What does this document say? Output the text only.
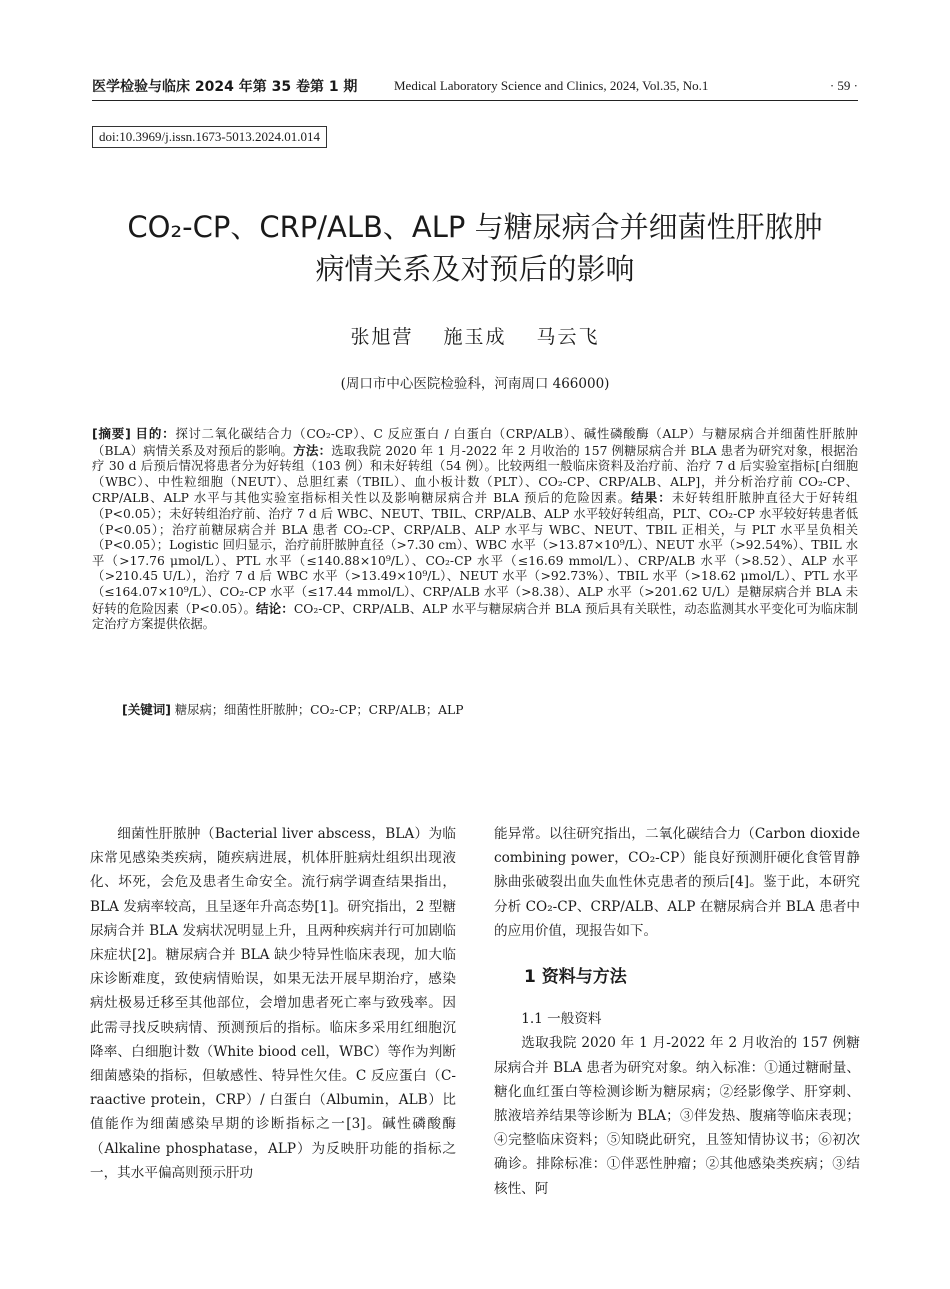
医学检验与临床 2024 年第 35 卷第 1 期	Medical Laboratory Science and Clinics, 2024, Vol.35, No.1	· 59 ·
doi:10.3969/j.issn.1673-5013.2024.01.014
CO₂-CP、CRP/ALB、ALP 与糖尿病合并细菌性肝脓肿
病情关系及对预后的影响
张旭营 施玉成 马云飞
(周口市中心医院检验科，河南周口 466000)
[摘要] 目的：探讨二氧化碳结合力（CO₂-CP）、C 反应蛋白 / 白蛋白（CRP/ALB）、碱性磷酸酶（ALP）与糖尿病合并细菌性肝脓肿（BLA）病情关系及对预后的影响。方法：选取我院 2020 年 1 月-2022 年 2 月收治的 157 例糖尿病合并 BLA 患者为研究对象，根据治疗 30 d 后预后情况将患者分为好转组（103 例）和未好转组（54 例）。比较两组一般临床资料及治疗前、治疗 7 d 后实验室指标[白细胞（WBC）、中性粒细胞（NEUT）、总胆红素（TBIL）、血小板计数（PLT）、CO₂-CP、CRP/ALB、ALP]，并分析治疗前 CO₂-CP、CRP/ALB、ALP 水平与其他实验室指标相关性以及影响糖尿病合并 BLA 预后的危险因素。结果：未好转组肝脓肿直径大于好转组（P<0.05）；未好转组治疗前、治疗 7 d 后 WBC、NEUT、TBIL、CRP/ALB、ALP 水平较好转组高，PLT、CO₂-CP 水平较好转患者低（P<0.05）；治疗前糖尿病合并 BLA 患者 CO₂-CP、CRP/ALB、ALP 水平与 WBC、NEUT、TBIL 正相关，与 PLT 水平呈负相关（P<0.05）；Logistic 回归显示，治疗前肝脓肿直径（>7.30 cm）、WBC 水平（>13.87×10⁹/L）、NEUT 水平（>92.54%）、TBIL 水平（>17.76 μmol/L）、PTL 水平（≤140.88×10⁹/L）、CO₂-CP 水平（≤16.69 mmol/L）、CRP/ALB 水平（>8.52）、ALP 水平（>210.45 U/L），治疗 7 d 后 WBC 水平（>13.49×10⁹/L）、NEUT 水平（>92.73%）、TBIL 水平（>18.62 μmol/L）、PTL 水平（≤164.07×10⁹/L）、CO₂-CP 水平（≤17.44 mmol/L）、CRP/ALB 水平（>8.38）、ALP 水平（>201.62 U/L）是糖尿病合并 BLA 未好转的危险因素（P<0.05）。结论：CO₂-CP、CRP/ALB、ALP 水平与糖尿病合并 BLA 预后具有关联性，动态监测其水平变化可为临床制定治疗方案提供依据。
[关键词] 糖尿病；细菌性肝脓肿；CO₂-CP；CRP/ALB；ALP

细菌性肝脓肿（Bacterial liver abscess，BLA）为临床常见感染类疾病，随疾病进展，机体肝脏病灶组织出现液化、坏死，会危及患者生命安全。流行病学调查结果指出，BLA 发病率较高，且呈逐年升高态势[1]。研究指出，2 型糖尿病合并 BLA 发病状况明显上升，且两种疾病并行可加剧临床症状[2]。糖尿病合并 BLA 缺少特异性临床表现，加大临床诊断难度，致使病情贻误，如果无法开展早期治疗，感染病灶极易迁移至其他部位，会增加患者死亡率与致残率。因此需寻找反映病情、预测预后的指标。临床多采用红细胞沉降率、白细胞计数（White biood cell，WBC）等作为判断细菌感染的指标，但敏感性、特异性欠佳。C 反应蛋白（C-raactive protein，CRP）/ 白蛋白（Albumin，ALB）比值能作为细菌感染早期的诊断指标之一[3]。碱性磷酸酶（Alkaline phosphatase，ALP）为反映肝功能的指标之一，其水平偏高则预示肝功

能异常。以往研究指出，二氧化碳结合力（Carbon dioxide combining power，CO₂-CP）能良好预测肝硬化食管胃静脉曲张破裂出血失血性休克患者的预后[4]。鉴于此，本研究分析 CO₂-CP、CRP/ALB、ALP 在糖尿病合并 BLA 患者中的应用价值，现报告如下。

1 资料与方法

1.1 一般资料

选取我院 2020 年 1 月-2022 年 2 月收治的 157 例糖尿病合并 BLA 患者为研究对象。纳入标准：①通过糖耐量、糖化血红蛋白等检测诊断为糖尿病；②经影像学、肝穿刺、脓液培养结果等诊断为 BLA；③伴发热、腹痛等临床表现；④完整临床资料；⑤知晓此研究，且签知情协议书；⑥初次确诊。排除标准：①伴恶性肿瘤；②其他感染类疾病；③结核性、阿
